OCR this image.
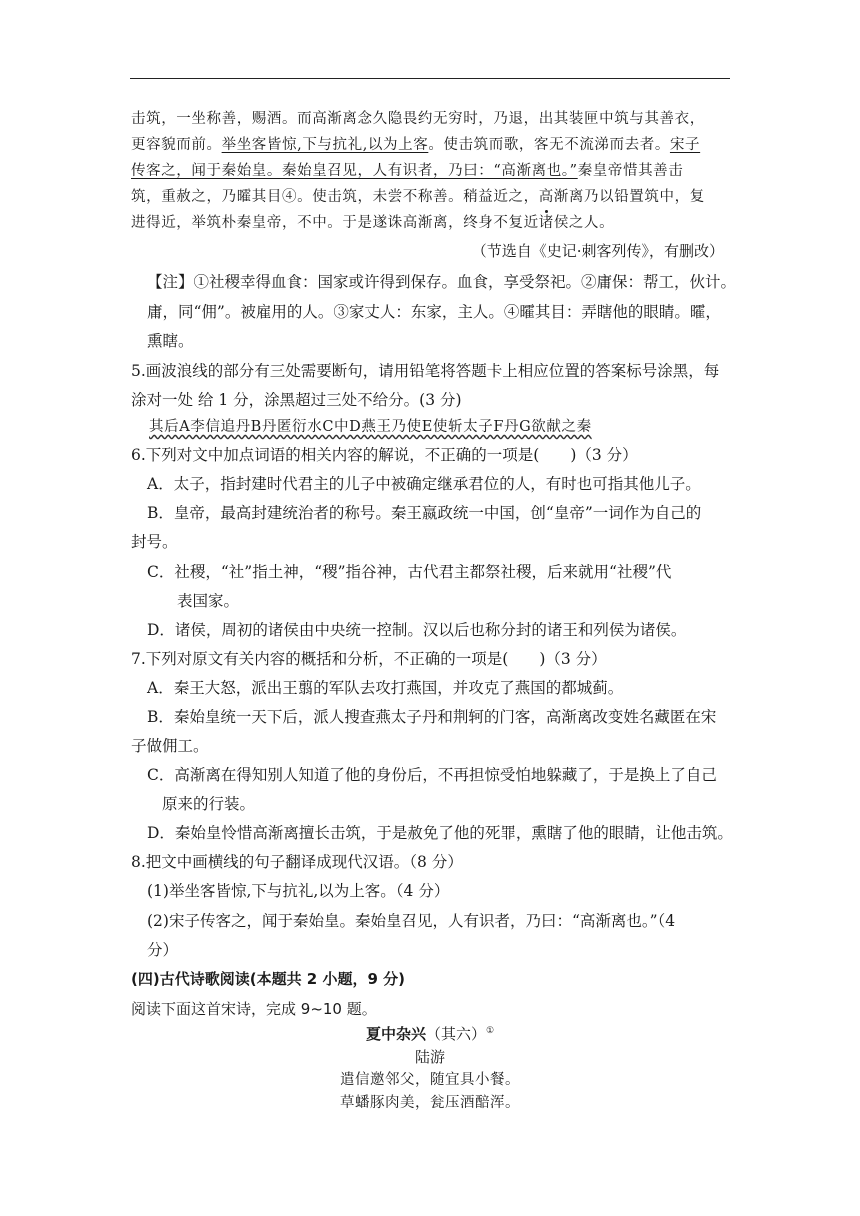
击筑，一坐称善，赐酒。而高渐离念久隐畏约无穷时，乃退，出其装匣中筑与其善衣，
更容貌而前。举坐客皆惊,下与抗礼,以为上客。使击筑而歌，客无不流涕而去者。宋子
传客之，闻于秦始皇。秦始皇召见，人有识者，乃曰：“高渐离也。”秦皇帝惜其善击
筑，重赦之，乃曤其目④。使击筑，未尝不称善。稍益近之，高渐离乃以铅置筑中，复
进得近，举筑朴秦皇帝，不中。于是遂诛高渐离，终身不复近诸侯之人。
（节选自《史记·刺客列传》，有删改）
【注】①社稷幸得血食：国家或许得到保存。血食，享受祭祀。②庸保：帮工，伙计。
庸，同“佣”。被雇用的人。③家丈人：东家，主人。④曤其目：弄瞎他的眼睛。曤，
熏瞎。
5.画波浪线的部分有三处需要断句，请用铅笔将答题卡上相应位置的答案标号涂黑，每
涂对一处 给 1 分，涂黑超过三处不给分。(3 分)
其后A李信追丹B丹匿衍水C中D燕王乃使E使斩太子F丹G欲献之秦
6.下列对文中加点词语的相关内容的解说，不正确的一项是(　　)（3 分）
A．太子，指封建时代君主的儿子中被确定继承君位的人，有时也可指其他儿子。
B．皇帝，最高封建统治者的称号。秦王嬴政统一中国，创“皇帝”一词作为自己的
封号。
C．社稷，“社”指土神，“稷”指谷神，古代君主都祭社稷，后来就用“社稷”代
表国家。
D．诸侯，周初的诸侯由中央统一控制。汉以后也称分封的诸王和列侯为诸侯。
7.下列对原文有关内容的概括和分析，不正确的一项是(　　)（3 分）
A．秦王大怒，派出王翦的军队去攻打燕国，并攻克了燕国的都城蓟。
B．秦始皇统一天下后，派人搜查燕太子丹和荆轲的门客，高渐离改变姓名藏匿在宋
子做佣工。
C．高渐离在得知别人知道了他的身份后，不再担惊受怕地躲藏了，于是换上了自己
原来的行装。
D．秦始皇怜惜高渐离擅长击筑，于是赦免了他的死罪，熏瞎了他的眼睛，让他击筑。
8.把文中画横线的句子翻译成现代汉语。（8 分）
(1)举坐客皆惊,下与抗礼,以为上客。（4 分）
(2)宋子传客之，闻于秦始皇。秦始皇召见，人有识者，乃曰：“高渐离也。”（4
分）
(四)古代诗歌阅读(本题共 2 小题，9 分)
阅读下面这首宋诗，完成 9~10 题。
夏中杂兴（其六）①
陆游
遣信邀邻父，随宜具小餐。
草蟠豚肉美，瓮压酒醅浑。
